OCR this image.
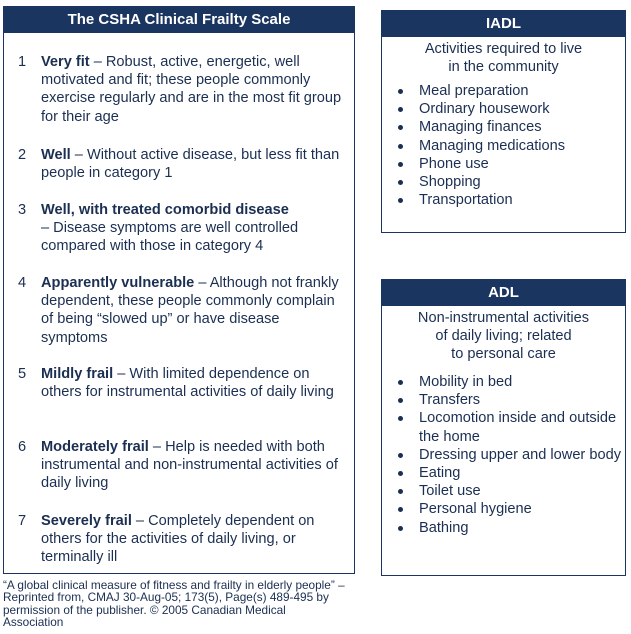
The CSHA Clinical Frailty Scale
1 Very fit – Robust, active, energetic, well motivated and fit; these people commonly exercise regularly and are in the most fit group for their age
2 Well – Without active disease, but less fit than people in category 1
3 Well, with treated comorbid disease
– Disease symptoms are well controlled compared with those in category 4
4 Apparently vulnerable – Although not frankly dependent, these people commonly complain of being “slowed up” or have disease symptoms
5 Mildly frail – With limited dependence on others for instrumental activities of daily living
6 Moderately frail – Help is needed with both instrumental and non-instrumental activities of daily living
7 Severely frail – Completely dependent on others for the activities of daily living, or terminally ill
IADL
Activities required to live
in the community
Meal preparation
Ordinary housework
Managing finances
Managing medications
Phone use
Shopping
Transportation
ADL
Non-instrumental activities
of daily living; related
to personal care
Mobility in bed
Transfers
Locomotion inside and outside the home
Dressing upper and lower body
Eating
Toilet use
Personal hygiene
Bathing
“A global clinical measure of fitness and frailty in elderly people” – Reprinted from, CMAJ 30-Aug-05; 173(5), Page(s) 489-495 by permission of the publisher. © 2005 Canadian Medical Association
